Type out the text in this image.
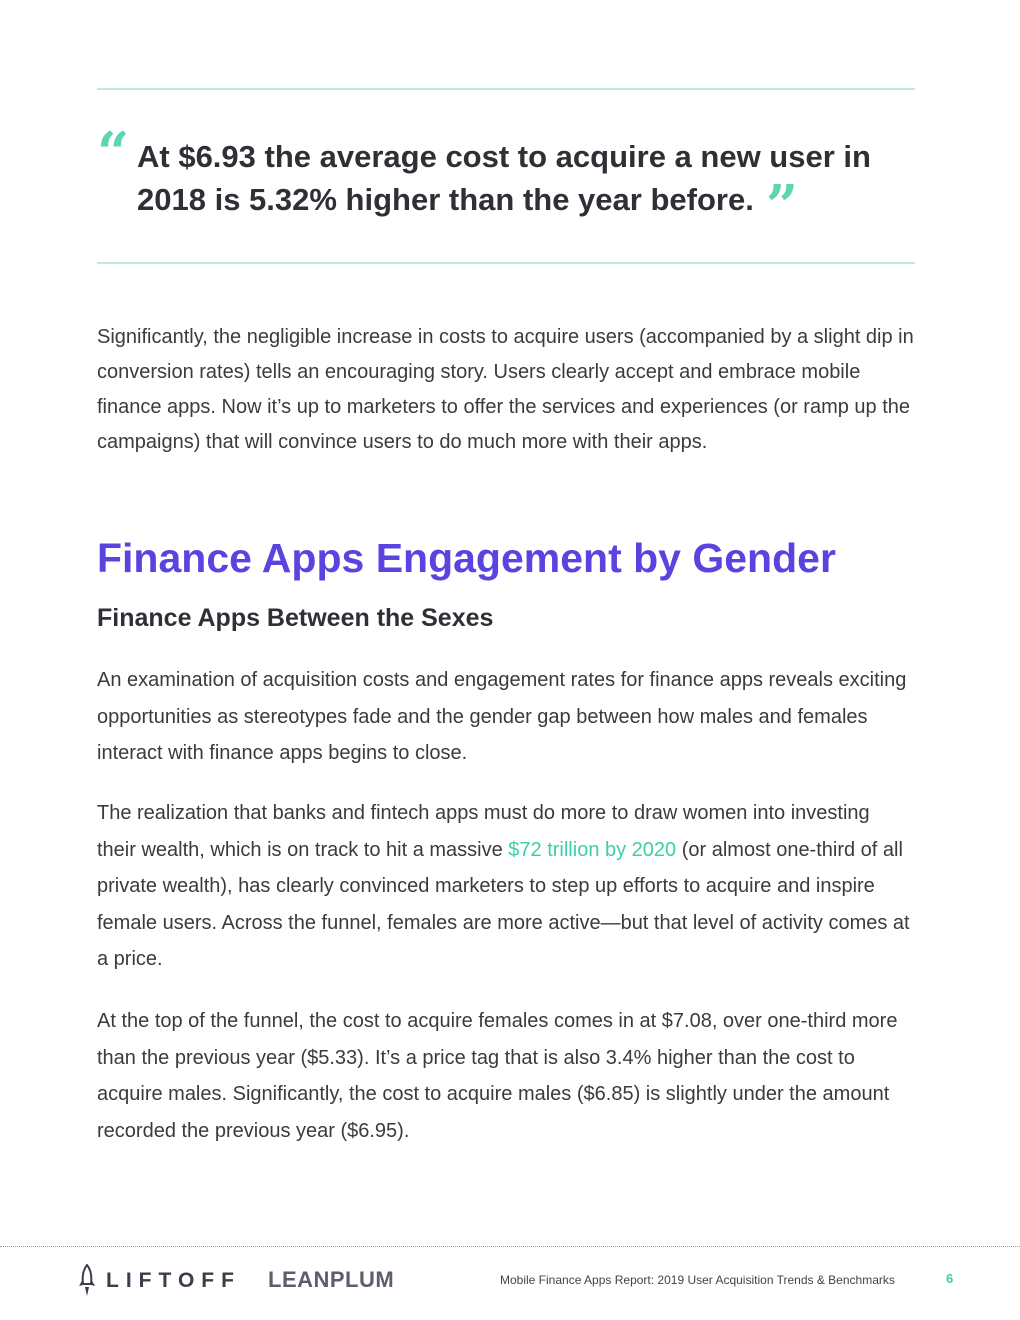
“ At $6.93 the average cost to acquire a new user in 2018 is 5.32% higher than the year before. ”

Significantly, the negligible increase in costs to acquire users (accompanied by a slight dip in conversion rates) tells an encouraging story. Users clearly accept and embrace mobile finance apps. Now it’s up to marketers to offer the services and experiences (or ramp up the campaigns) that will convince users to do much more with their apps.

Finance Apps Engagement by Gender
Finance Apps Between the Sexes

An examination of acquisition costs and engagement rates for finance apps reveals exciting opportunities as stereotypes fade and the gender gap between how males and females interact with finance apps begins to close.

The realization that banks and fintech apps must do more to draw women into investing their wealth, which is on track to hit a massive $72 trillion by 2020 (or almost one-third of all private wealth), has clearly convinced marketers to step up efforts to acquire and inspire female users. Across the funnel, females are more active—but that level of activity comes at a price.

At the top of the funnel, the cost to acquire females comes in at $7.08, over one-third more than the previous year ($5.33). It’s a price tag that is also 3.4% higher than the cost to acquire males. Significantly, the cost to acquire males ($6.85) is slightly under the amount recorded the previous year ($6.95).

LIFTOFF LEANPLUM	Mobile Finance Apps Report: 2019 User Acquisition Trends & Benchmarks	6
